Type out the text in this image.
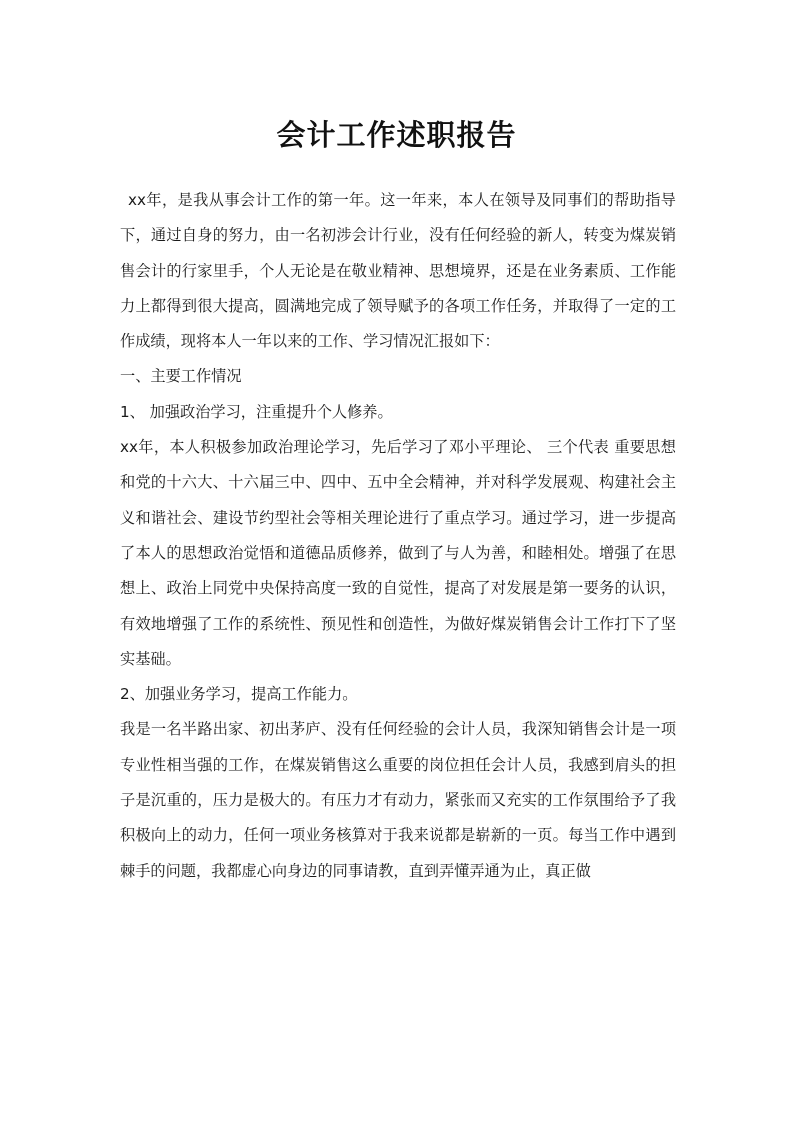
会计工作述职报告

xx年，是我从事会计工作的第一年。这一年来，本人在领导及同事们的帮助指导下，通过自身的努力，由一名初涉会计行业，没有任何经验的新人，转变为煤炭销售会计的行家里手，个人无论是在敬业精神、思想境界，还是在业务素质、工作能力上都得到很大提高，圆满地完成了领导赋予的各项工作任务，并取得了一定的工作成绩，现将本人一年以来的工作、学习情况汇报如下：

一、主要工作情况

1、 加强政治学习，注重提升个人修养。

xx年，本人积极参加政治理论学习，先后学习了邓小平理论、 三个代表 重要思想和党的十六大、十六届三中、四中、五中全会精神，并对科学发展观、构建社会主义和谐社会、建设节约型社会等相关理论进行了重点学习。通过学习，进一步提高了本人的思想政治觉悟和道德品质修养，做到了与人为善，和睦相处。增强了在思想上、政治上同党中央保持高度一致的自觉性，提高了对发展是第一要务的认识，有效地增强了工作的系统性、预见性和创造性，为做好煤炭销售会计工作打下了坚实基础。

2、加强业务学习，提高工作能力。

我是一名半路出家、初出茅庐、没有任何经验的会计人员，我深知销售会计是一项专业性相当强的工作，在煤炭销售这么重要的岗位担任会计人员，我感到肩头的担子是沉重的，压力是极大的。有压力才有动力，紧张而又充实的工作氛围给予了我积极向上的动力，任何一项业务核算对于我来说都是崭新的一页。每当工作中遇到棘手的问题，我都虚心向身边的同事请教，直到弄懂弄通为止，真正做
